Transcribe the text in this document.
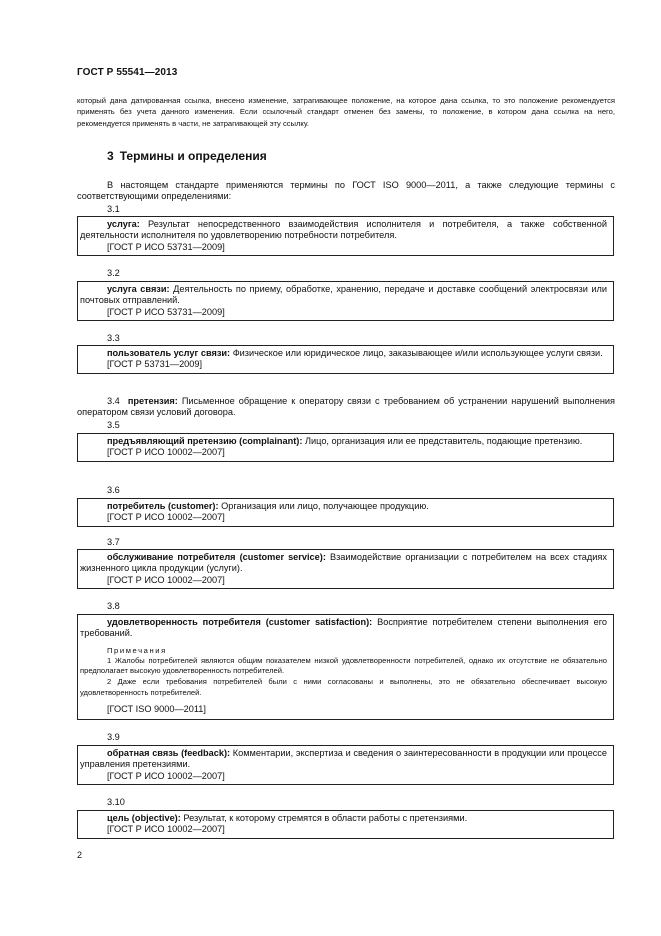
ГОСТ Р 55541—2013
который дана датированная ссылка, внесено изменение, затрагивающее положение, на которое дана ссылка, то это положение рекомендуется применять без учета данного изменения. Если ссылочный стандарт отменен без замены, то положение, в котором дана ссылка на него, рекомендуется применять в части, не затрагивающей эту ссылку.
3 Термины и определения
В настоящем стандарте применяются термины по ГОСТ ISO 9000—2011, а также следующие термины с соответствующими определениями:
3.1
услуга: Результат непосредственного взаимодействия исполнителя и потребителя, а также собственной деятельности исполнителя по удовлетворению потребности потребителя.
[ГОСТ Р ИСО 53731—2009]
3.2
услуга связи: Деятельность по приему, обработке, хранению, передаче и доставке сообщений электросвязи или почтовых отправлений.
[ГОСТ Р ИСО 53731—2009]
3.3
пользователь услуг связи: Физическое или юридическое лицо, заказывающее и/или использующее услуги связи.
[ГОСТ Р 53731—2009]
3.4 претензия: Письменное обращение к оператору связи с требованием об устранении нарушений выполнения оператором связи условий договора.
3.5
предъявляющий претензию (complainant): Лицо, организация или ее представитель, подающие претензию.
[ГОСТ Р ИСО 10002—2007]
3.6
потребитель (customer): Организация или лицо, получающее продукцию.
[ГОСТ Р ИСО 10002—2007]
3.7
обслуживание потребителя (customer service): Взаимодействие организации с потребителем на всех стадиях жизненного цикла продукции (услуги).
[ГОСТ Р ИСО 10002—2007]
3.8
удовлетворенность потребителя (customer satisfaction): Восприятие потребителем степени выполнения его требований.
Примечания
1 Жалобы потребителей являются общим показателем низкой удовлетворенности потребителей, однако их отсутствие не обязательно предполагает высокую удовлетворенность потребителей.
2 Даже если требования потребителей были с ними согласованы и выполнены, это не обязательно обеспечивает высокую удовлетворенность потребителей.
[ГОСТ ISO 9000—2011]
3.9
обратная связь (feedback): Комментарии, экспертиза и сведения о заинтересованности в продукции или процессе управления претензиями.
[ГОСТ Р ИСО 10002—2007]
3.10
цель (objective): Результат, к которому стремятся в области работы с претензиями.
[ГОСТ Р ИСО 10002—2007]
2
